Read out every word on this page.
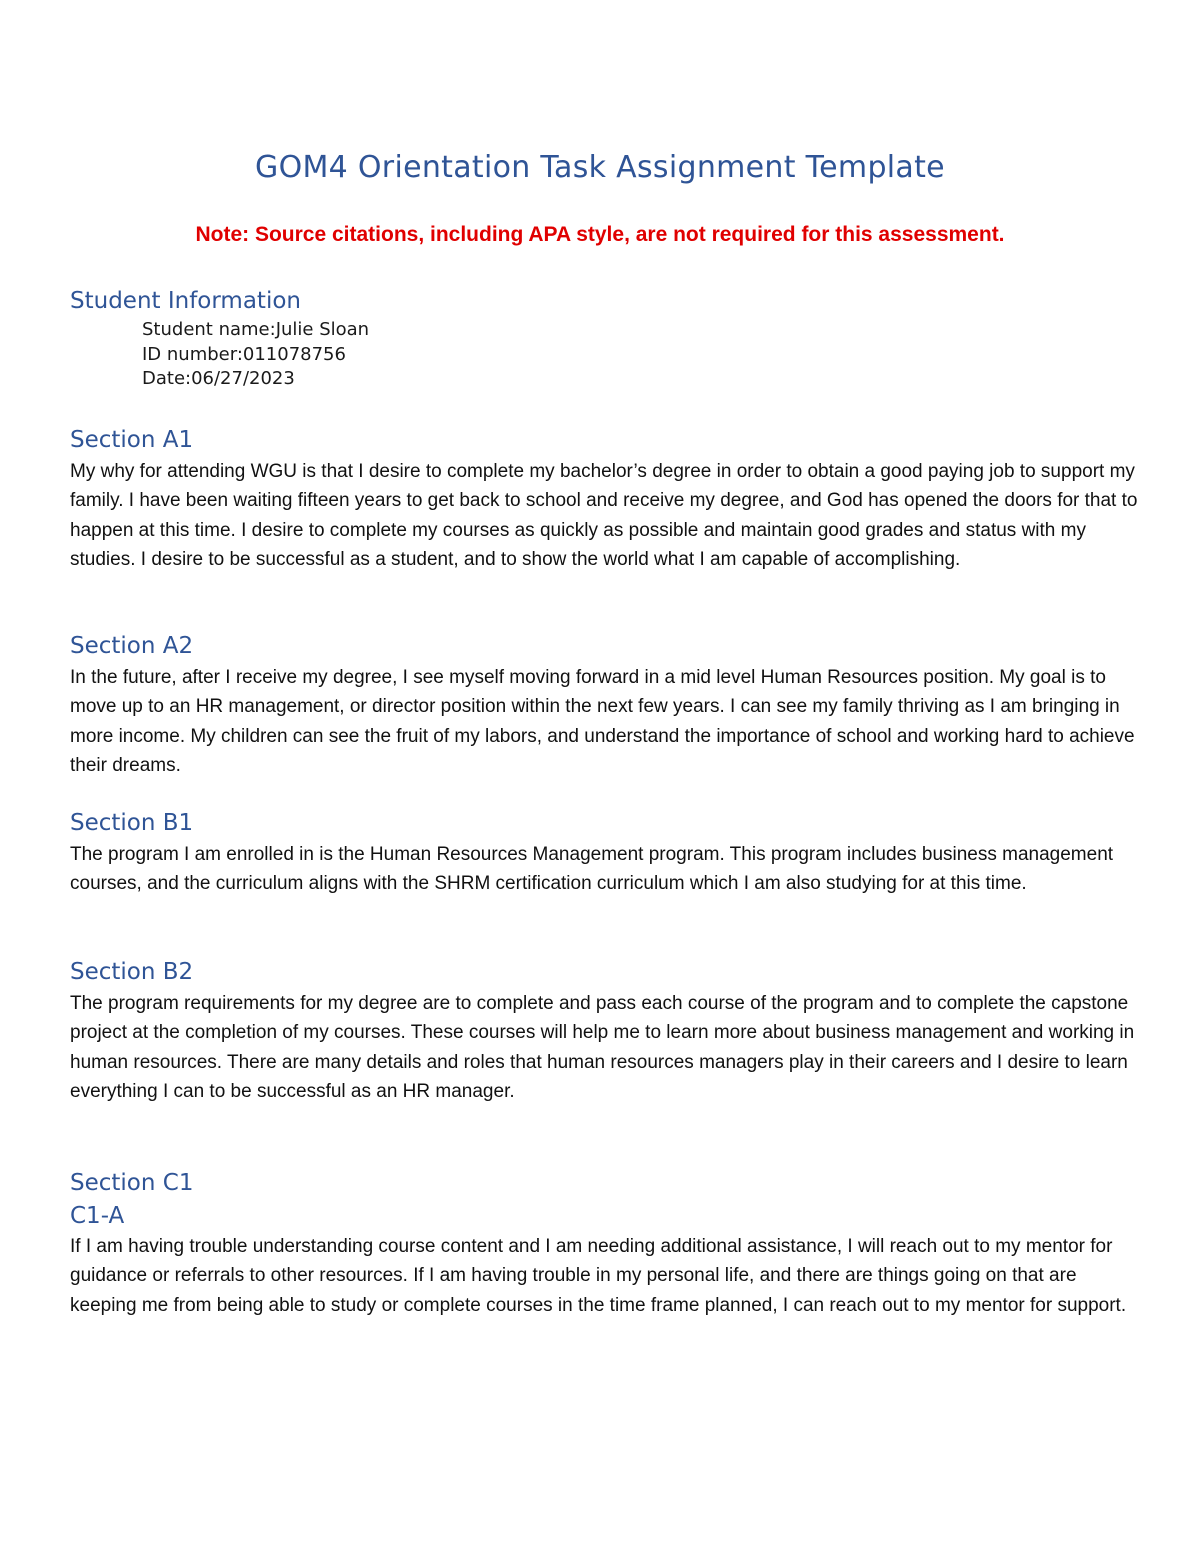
GOM4 Orientation Task Assignment Template
Note: Source citations, including APA style, are not required for this assessment.
Student Information
Student name:Julie Sloan
ID number:011078756
Date:06/27/2023
Section A1
My why for attending WGU is that I desire to complete my bachelor’s degree in order to obtain a good paying job to support my family. I have been waiting fifteen years to get back to school and receive my degree, and God has opened the doors for that to happen at this time. I desire to complete my courses as quickly as possible and maintain good grades and status with my studies. I desire to be successful as a student, and to show the world what I am capable of accomplishing.
Section A2
In the future, after I receive my degree, I see myself moving forward in a mid level Human Resources position. My goal is to move up to an HR management, or director position within the next few years. I can see my family thriving as I am bringing in more income. My children can see the fruit of my labors, and understand the importance of school and working hard to achieve their dreams.
Section B1
The program I am enrolled in is the Human Resources Management program. This program includes business management courses, and the curriculum aligns with the SHRM certification curriculum which I am also studying for at this time.
Section B2
The program requirements for my degree are to complete and pass each course of the program and to complete the capstone project at the completion of my courses. These courses will help me to learn more about business management and working in human resources. There are many details and roles that human resources managers play in their careers and I desire to learn everything I can to be successful as an HR manager.
Section C1
C1-A
If I am having trouble understanding course content and I am needing additional assistance, I will reach out to my mentor for guidance or referrals to other resources. If I am having trouble in my personal life, and there are things going on that are keeping me from being able to study or complete courses in the time frame planned, I can reach out to my mentor for support.
